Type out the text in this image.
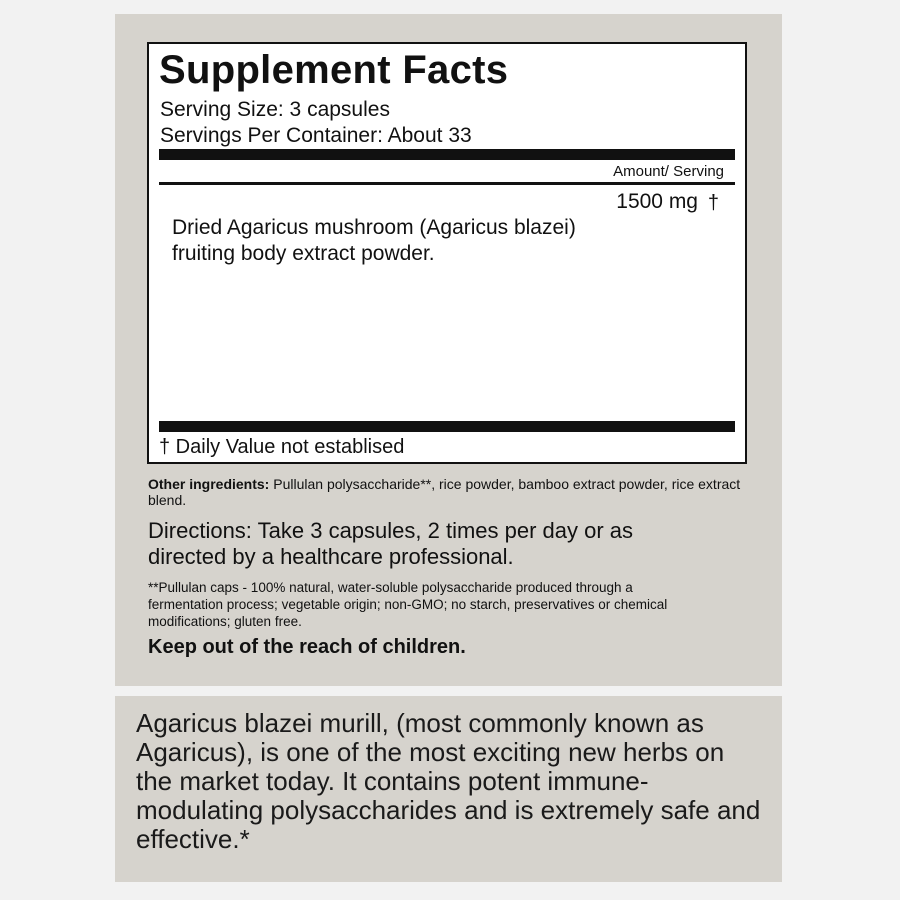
Supplement Facts
Serving Size: 3 capsules
Servings Per Container: About 33
Amount/ Serving
1500 mg †
Dried Agaricus mushroom (Agaricus blazei)
fruiting body extract powder.
† Daily Value not establised
Other ingredients: Pullulan polysaccharide**, rice powder, bamboo extract powder, rice extract blend.
Directions: Take 3 capsules, 2 times per day or as directed by a healthcare professional.
**Pullulan caps - 100% natural, water-soluble polysaccharide produced through a fermentation process; vegetable origin; non-GMO; no starch, preservatives or chemical modifications; gluten free.
Keep out of the reach of children.
Agaricus blazei murill, (most commonly known as Agaricus), is one of the most exciting new herbs on the market today. It contains potent immune-modulating polysaccharides and is extremely safe and effective.*
